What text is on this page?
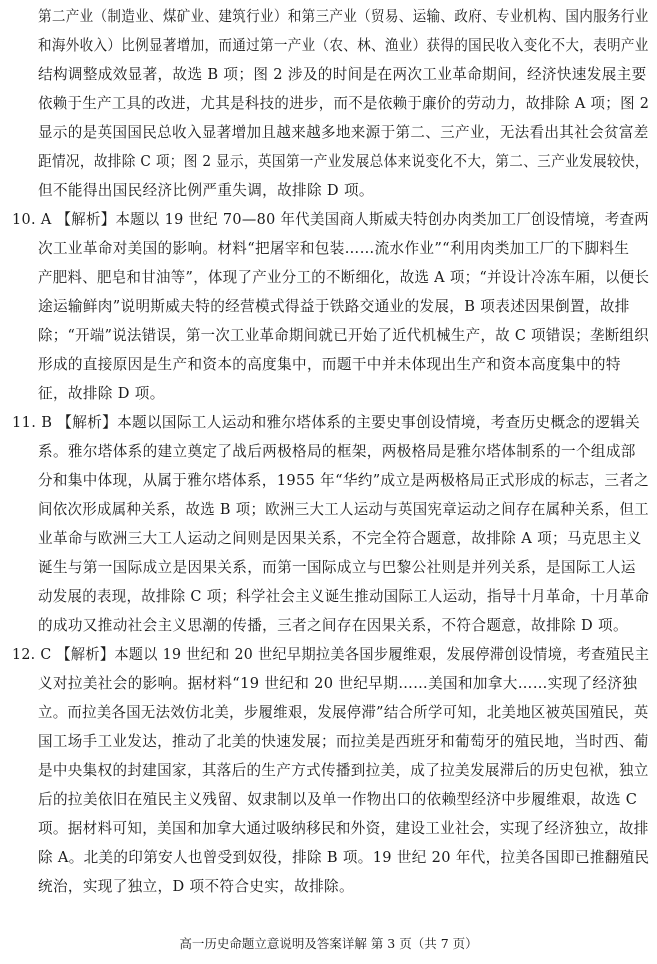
第二产业（制造业、煤矿业、建筑行业）和第三产业（贸易、运输、政府、专业机构、国内服务行业
和海外收入）比例显著增加，而通过第一产业（农、林、渔业）获得的国民收入变化不大，表明产业
结构调整成效显著，故选 B 项；图 2 涉及的时间是在两次工业革命期间，经济快速发展主要
依赖于生产工具的改进，尤其是科技的进步，而不是依赖于廉价的劳动力，故排除 A 项；图 2
显示的是英国国民总收入显著增加且越来越多地来源于第二、三产业，无法看出其社会贫富差
距情况，故排除 C 项；图 2 显示，英国第一产业发展总体来说变化不大，第二、三产业发展较快，
但不能得出国民经济比例严重失调，故排除 D 项。
10. A 【解析】本题以 19 世纪 70—80 年代美国商人斯威夫特创办肉类加工厂创设情境，考查两
次工业革命对美国的影响。材料“把屠宰和包装……流水作业”“利用肉类加工厂的下脚料生
产肥料、肥皂和甘油等”，体现了产业分工的不断细化，故选 A 项；“并设计冷冻车厢，以便长
途运输鲜肉”说明斯威夫特的经营模式得益于铁路交通业的发展，B 项表述因果倒置，故排
除；“开端”说法错误，第一次工业革命期间就已开始了近代机械生产，故 C 项错误；垄断组织
形成的直接原因是生产和资本的高度集中，而题干中并未体现出生产和资本高度集中的特
征，故排除 D 项。
11. B 【解析】本题以国际工人运动和雅尔塔体系的主要史事创设情境，考查历史概念的逻辑关
系。雅尔塔体系的建立奠定了战后两极格局的框架，两极格局是雅尔塔体制系的一个组成部
分和集中体现，从属于雅尔塔体系，1955 年“华约”成立是两极格局正式形成的标志，三者之
间依次形成属种关系，故选 B 项；欧洲三大工人运动与英国宪章运动之间存在属种关系，但工
业革命与欧洲三大工人运动之间则是因果关系，不完全符合题意，故排除 A 项；马克思主义
诞生与第一国际成立是因果关系，而第一国际成立与巴黎公社则是并列关系，是国际工人运
动发展的表现，故排除 C 项；科学社会主义诞生推动国际工人运动，指导十月革命，十月革命
的成功又推动社会主义思潮的传播，三者之间存在因果关系，不符合题意，故排除 D 项。
12. C 【解析】本题以 19 世纪和 20 世纪早期拉美各国步履维艰，发展停滞创设情境，考查殖民主
义对拉美社会的影响。据材料“19 世纪和 20 世纪早期……美国和加拿大……实现了经济独
立。而拉美各国无法效仿北美，步履维艰，发展停滞”结合所学可知，北美地区被英国殖民，英
国工场手工业发达，推动了北美的快速发展；而拉美是西班牙和葡萄牙的殖民地，当时西、葡
是中央集权的封建国家，其落后的生产方式传播到拉美，成了拉美发展滞后的历史包袱，独立
后的拉美依旧在殖民主义残留、奴隶制以及单一作物出口的依赖型经济中步履维艰，故选 C
项。据材料可知，美国和加拿大通过吸纳移民和外资，建设工业社会，实现了经济独立，故排
除 A。北美的印第安人也曾受到奴役，排除 B 项。19 世纪 20 年代，拉美各国即已推翻殖民
统治，实现了独立，D 项不符合史实，故排除。
高一历史命题立意说明及答案详解 第 3 页（共 7 页）
